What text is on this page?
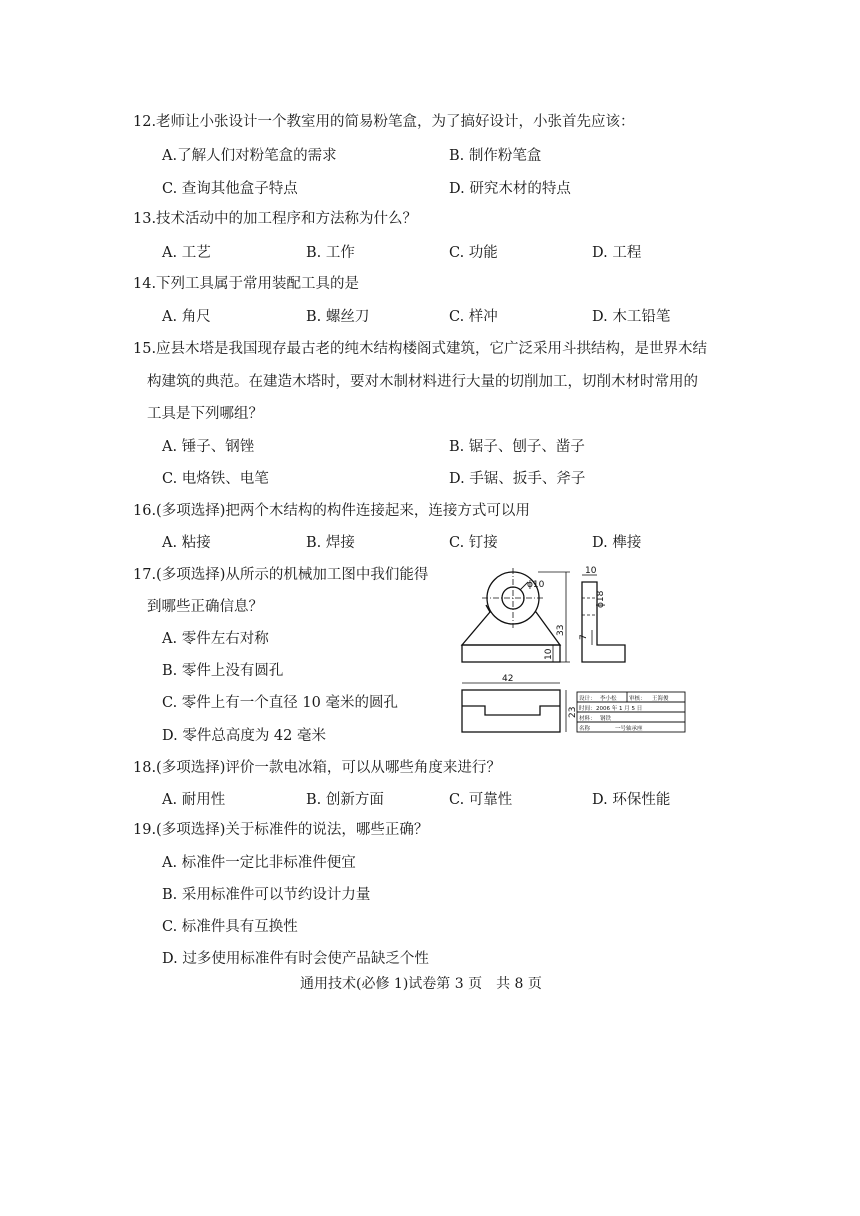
12.老师让小张设计一个教室用的简易粉笔盒，为了搞好设计，小张首先应该：
A.了解人们对粉笔盒的需求	B. 制作粉笔盒
C. 查询其他盒子特点	D. 研究木材的特点
13.技术活动中的加工程序和方法称为什么？
A. 工艺	B. 工作	C. 功能	D. 工程
14.下列工具属于常用装配工具的是
A. 角尺	B. 螺丝刀	C. 样冲	D. 木工铅笔
15.应县木塔是我国现存最古老的纯木结构楼阁式建筑，它广泛采用斗拱结构，是世界木结
构建筑的典范。在建造木塔时，要对木制材料进行大量的切削加工，切削木材时常用的
工具是下列哪组？
A. 锤子、钢锉	B. 锯子、刨子、凿子
C. 电烙铁、电笔	D. 手锯、扳手、斧子
16.(多项选择)把两个木结构的构件连接起来，连接方式可以用
A. 粘接	B. 焊接	C. 钉接	D. 榫接
17.(多项选择)从所示的机械加工图中我们能得
到哪些正确信息？
A. 零件左右对称
B. 零件上没有圆孔
C. 零件上有一个直径 10 毫米的圆孔
D. 零件总高度为 42 毫米
ϕ10
10
ϕ18
7
33
10
42
23
设计： 李小松 审核： 王海俊
时间： 2006 年 1 月 5 日
材料： 钢铁
名称	一号轴承座
18.(多项选择)评价一款电冰箱，可以从哪些角度来进行？
A. 耐用性	B. 创新方面	C. 可靠性	D. 环保性能
19.(多项选择)关于标准件的说法，哪些正确？
A. 标准件一定比非标准件便宜
B. 采用标准件可以节约设计力量
C. 标准件具有互换性
D. 过多使用标准件有时会使产品缺乏个性
通用技术(必修 1)试卷第 3 页　共 8 页
